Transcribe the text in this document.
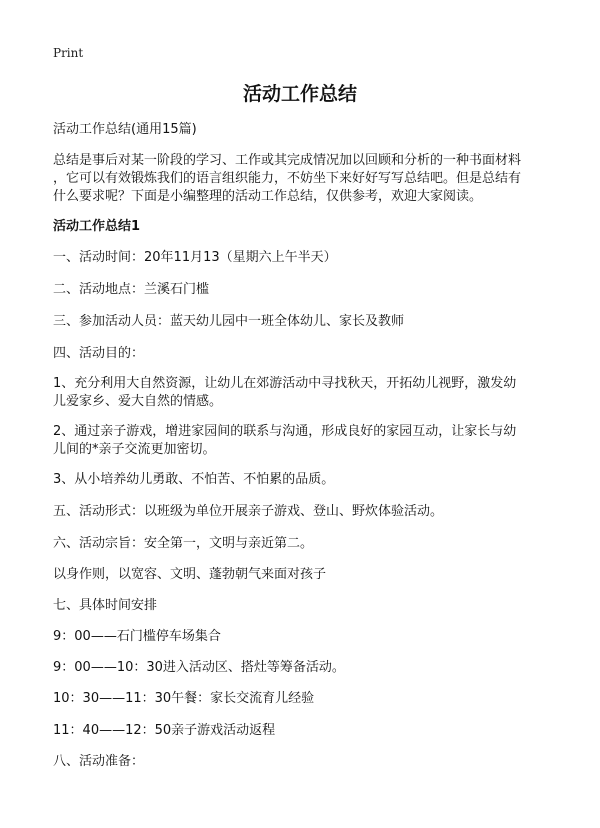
Print
活动工作总结
活动工作总结(通用15篇)
总结是事后对某一阶段的学习、工作或其完成情况加以回顾和分析的一种书面材料
，它可以有效锻炼我们的语言组织能力，不妨坐下来好好写写总结吧。但是总结有
什么要求呢？下面是小编整理的活动工作总结，仅供参考，欢迎大家阅读。
活动工作总结1
一、活动时间：20年11月13（星期六上午半天）
二、活动地点：兰溪石门槛
三、参加活动人员：蓝天幼儿园中一班全体幼儿、家长及教师
四、活动目的：
1、充分利用大自然资源，让幼儿在郊游活动中寻找秋天，开拓幼儿视野，激发幼
儿爱家乡、爱大自然的情感。
2、通过亲子游戏，增进家园间的联系与沟通，形成良好的家园互动，让家长与幼
儿间的*亲子交流更加密切。
3、从小培养幼儿勇敢、不怕苦、不怕累的品质。
五、活动形式：以班级为单位开展亲子游戏、登山、野炊体验活动。
六、活动宗旨：安全第一，文明与亲近第二。
以身作则，以宽容、文明、蓬勃朝气来面对孩子
七、具体时间安排
9：00——石门槛停车场集合
9：00——10：30进入活动区、搭灶等筹备活动。
10：30——11：30午餐：家长交流育儿经验
11：40——12：50亲子游戏活动返程
八、活动准备：
